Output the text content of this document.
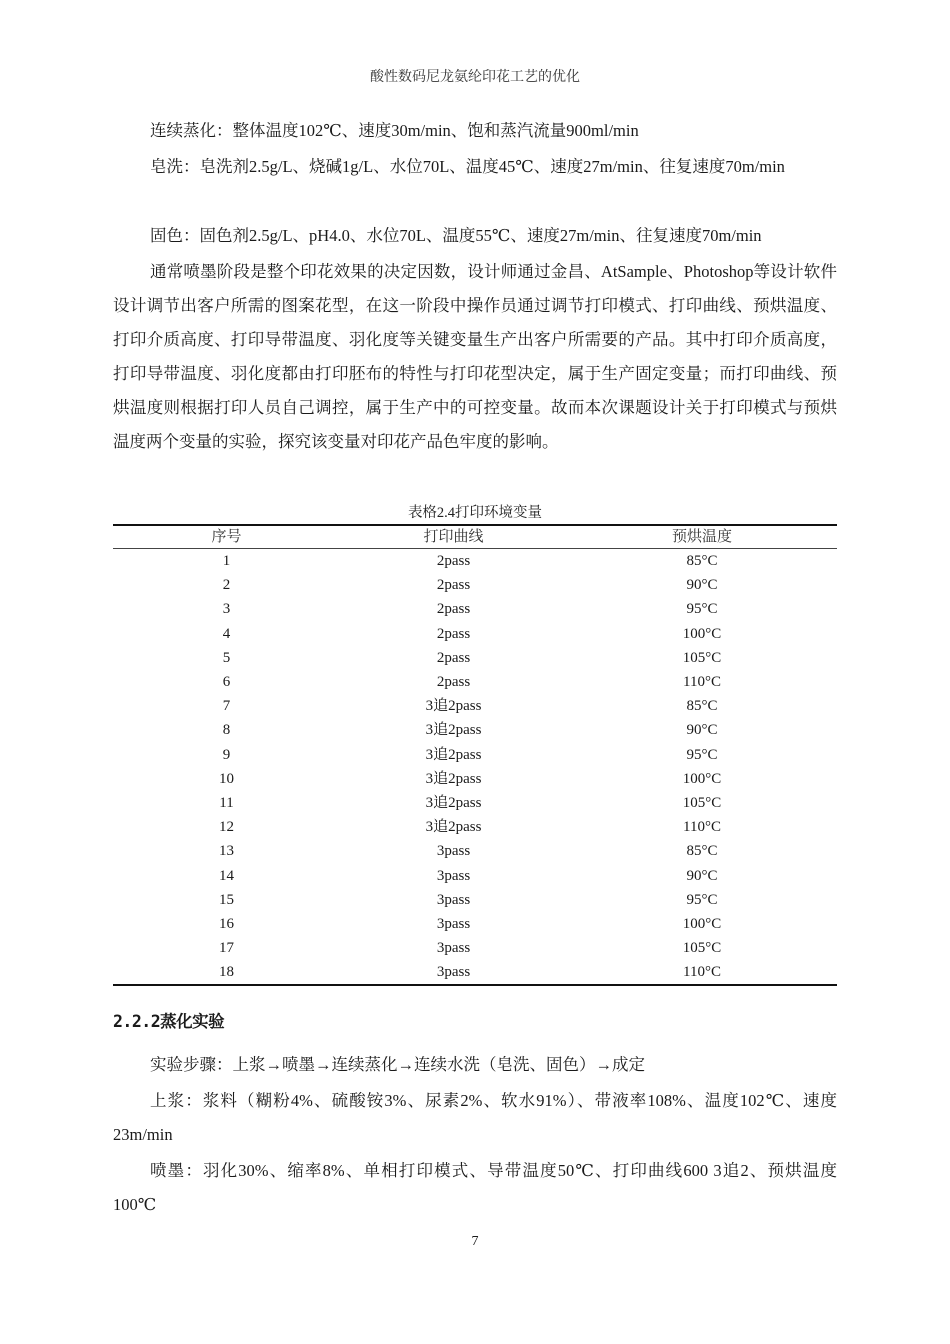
酸性数码尼龙氨纶印花工艺的优化
连续蒸化：整体温度102℃、速度30m/min、饱和蒸汽流量900ml/min
皂洗：皂洗剂2.5g/L、烧碱1g/L、水位70L、温度45℃、速度27m/min、往复速度70m/min
固色：固色剂2.5g/L、pH4.0、水位70L、温度55℃、速度27m/min、往复速度70m/min
通常喷墨阶段是整个印花效果的决定因数，设计师通过金昌、AtSample、Photoshop等设计软件设计调节出客户所需的图案花型，在这一阶段中操作员通过调节打印模式、打印曲线、预烘温度、打印介质高度、打印导带温度、羽化度等关键变量生产出客户所需要的产品。其中打印介质高度，打印导带温度、羽化度都由打印胚布的特性与打印花型决定，属于生产固定变量；而打印曲线、预烘温度则根据打印人员自己调控，属于生产中的可控变量。故而本次课题设计关于打印模式与预烘温度两个变量的实验，探究该变量对印花产品色牢度的影响。
表格2.4打印环境变量
序号	打印曲线	预烘温度
1	2pass	85°C
2	2pass	90°C
3	2pass	95°C
4	2pass	100°C
5	2pass	105°C
6	2pass	110°C
7	3追2pass	85°C
8	3追2pass	90°C
9	3追2pass	95°C
10	3追2pass	100°C
11	3追2pass	105°C
12	3追2pass	110°C
13	3pass	85°C
14	3pass	90°C
15	3pass	95°C
16	3pass	100°C
17	3pass	105°C
18	3pass	110°C
2.2.2蒸化实验
实验步骤：上浆→喷墨→连续蒸化→连续水洗（皂洗、固色）→成定
上浆：浆料（糊粉4%、硫酸铵3%、尿素2%、软水91%）、带液率108%、温度102℃、速度23m/min
喷墨：羽化30%、缩率8%、单相打印模式、导带温度50℃、打印曲线600 3追2、预烘温度100℃
7
